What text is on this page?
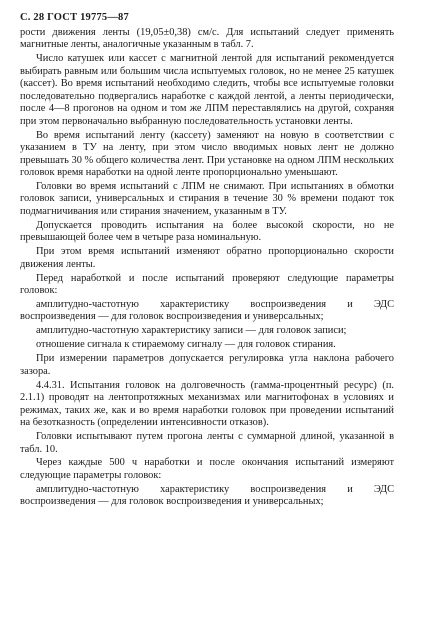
С. 28 ГОСТ 19775—87

рости движения ленты (19,05±0,38) см/с. Для испытаний следует применять магнитные ленты, аналогичные указанным в табл. 7.

Число катушек или кассет с магнитной лентой для испытаний рекомендуется выбирать равным или большим числа испытуемых головок, но не менее 25 катушек (кассет). Во время испытаний необходимо следить, чтобы все испытуемые головки последовательно подвергались наработке с каждой лентой, а ленты периодически, после 4—8 прогонов на одном и том же ЛПМ переставлялись на другой, сохраняя при этом первоначально выбранную последовательность установки ленты.

Во время испытаний ленту (кассету) заменяют на новую в соответствии с указанием в ТУ на ленту, при этом число вводимых новых лент не должно превышать 30 % общего количества лент. При установке на одном ЛПМ нескольких головок время наработки на одной ленте пропорционально уменьшают.

Головки во время испытаний с ЛПМ не снимают. При испытаниях в обмотки головок записи, универсальных и стирания в течение 30 % времени подают ток подмагничивания или стирания значением, указанным в ТУ.

Допускается проводить испытания на более высокой скорости, но не превышающей более чем в четыре раза номинальную.

При этом время испытаний изменяют обратно пропорционально скорости движения ленты.

Перед наработкой и после испытаний проверяют следующие параметры головок:

амплитудно-частотную характеристику воспроизведения и ЭДС воспроизведения — для головок воспроизведения и универсальных;

амплитудно-частотную характеристику записи — для головок записи;

отношение сигнала к стираемому сигналу — для головок стирания.

При измерении параметров допускается регулировка угла наклона рабочего зазора.

4.4.31. Испытания головок на долговечность (гамма-процентный ресурс) (п. 2.1.1) проводят на лентопротяжных механизмах или магнитофонах в условиях и режимах, таких же, как и во время наработки головок при проведении испытаний на безотказность (определении интенсивности отказов).

Головки испытывают путем прогона ленты с суммарной длиной, указанной в табл. 10.

Через каждые 500 ч наработки и после окончания испытаний измеряют следующие параметры головок:

амплитудно-частотную характеристику воспроизведения и ЭДС воспроизведения — для головок воспроизведения и универсальных;
